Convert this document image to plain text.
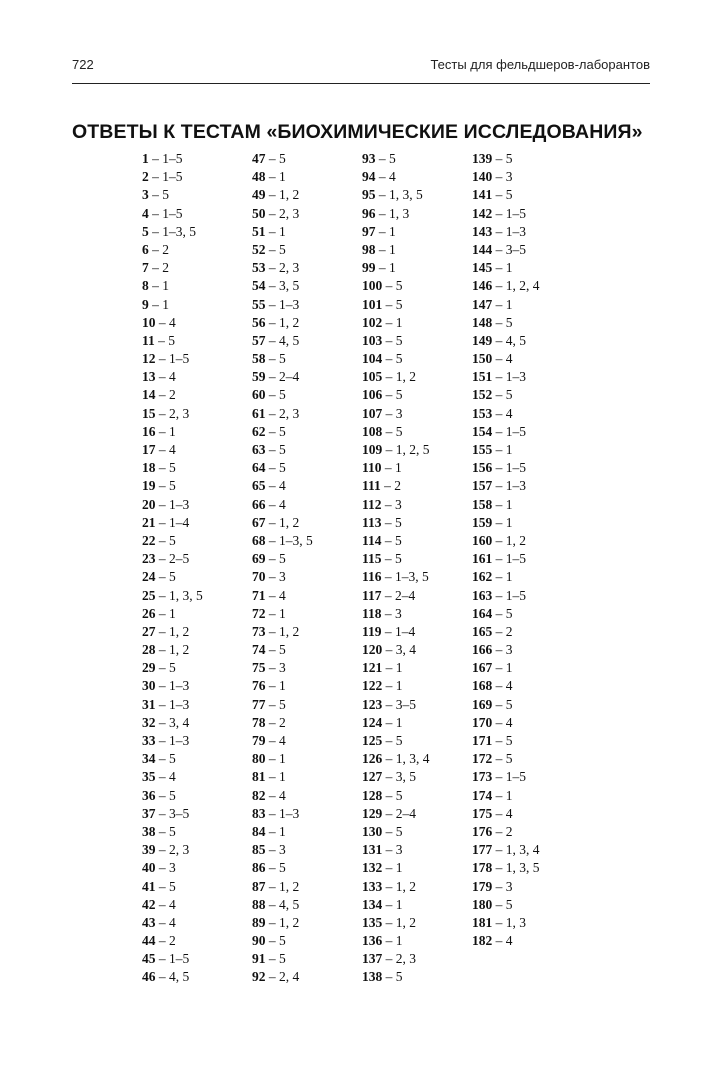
722	Тесты для фельдшеров-лаборантов
ОТВЕТЫ К ТЕСТАМ «БИОХИМИЧЕСКИЕ ИССЛЕДОВАНИЯ»
1 – 1–5
2 – 1–5
3 – 5
4 – 1–5
5 – 1–3, 5
6 – 2
7 – 2
8 – 1
9 – 1
10 – 4
11 – 5
12 – 1–5
13 – 4
14 – 2
15 – 2, 3
16 – 1
17 – 4
18 – 5
19 – 5
20 – 1–3
21 – 1–4
22 – 5
23 – 2–5
24 – 5
25 – 1, 3, 5
26 – 1
27 – 1, 2
28 – 1, 2
29 – 5
30 – 1–3
31 – 1–3
32 – 3, 4
33 – 1–3
34 – 5
35 – 4
36 – 5
37 – 3–5
38 – 5
39 – 2, 3
40 – 3
41 – 5
42 – 4
43 – 4
44 – 2
45 – 1–5
46 – 4, 5
47 – 5
48 – 1
49 – 1, 2
50 – 2, 3
51 – 1
52 – 5
53 – 2, 3
54 – 3, 5
55 – 1–3
56 – 1, 2
57 – 4, 5
58 – 5
59 – 2–4
60 – 5
61 – 2, 3
62 – 5
63 – 5
64 – 5
65 – 4
66 – 4
67 – 1, 2
68 – 1–3, 5
69 – 5
70 – 3
71 – 4
72 – 1
73 – 1, 2
74 – 5
75 – 3
76 – 1
77 – 5
78 – 2
79 – 4
80 – 1
81 – 1
82 – 4
83 – 1–3
84 – 1
85 – 3
86 – 5
87 – 1, 2
88 – 4, 5
89 – 1, 2
90 – 5
91 – 5
92 – 2, 4
93 – 5
94 – 4
95 – 1, 3, 5
96 – 1, 3
97 – 1
98 – 1
99 – 1
100 – 5
101 – 5
102 – 1
103 – 5
104 – 5
105 – 1, 2
106 – 5
107 – 3
108 – 5
109 – 1, 2, 5
110 – 1
111 – 2
112 – 3
113 – 5
114 – 5
115 – 5
116 – 1–3, 5
117 – 2–4
118 – 3
119 – 1–4
120 – 3, 4
121 – 1
122 – 1
123 – 3–5
124 – 1
125 – 5
126 – 1, 3, 4
127 – 3, 5
128 – 5
129 – 2–4
130 – 5
131 – 3
132 – 1
133 – 1, 2
134 – 1
135 – 1, 2
136 – 1
137 – 2, 3
138 – 5
139 – 5
140 – 3
141 – 5
142 – 1–5
143 – 1–3
144 – 3–5
145 – 1
146 – 1, 2, 4
147 – 1
148 – 5
149 – 4, 5
150 – 4
151 – 1–3
152 – 5
153 – 4
154 – 1–5
155 – 1
156 – 1–5
157 – 1–3
158 – 1
159 – 1
160 – 1, 2
161 – 1–5
162 – 1
163 – 1–5
164 – 5
165 – 2
166 – 3
167 – 1
168 – 4
169 – 5
170 – 4
171 – 5
172 – 5
173 – 1–5
174 – 1
175 – 4
176 – 2
177 – 1, 3, 4
178 – 1, 3, 5
179 – 3
180 – 5
181 – 1, 3
182 – 4
